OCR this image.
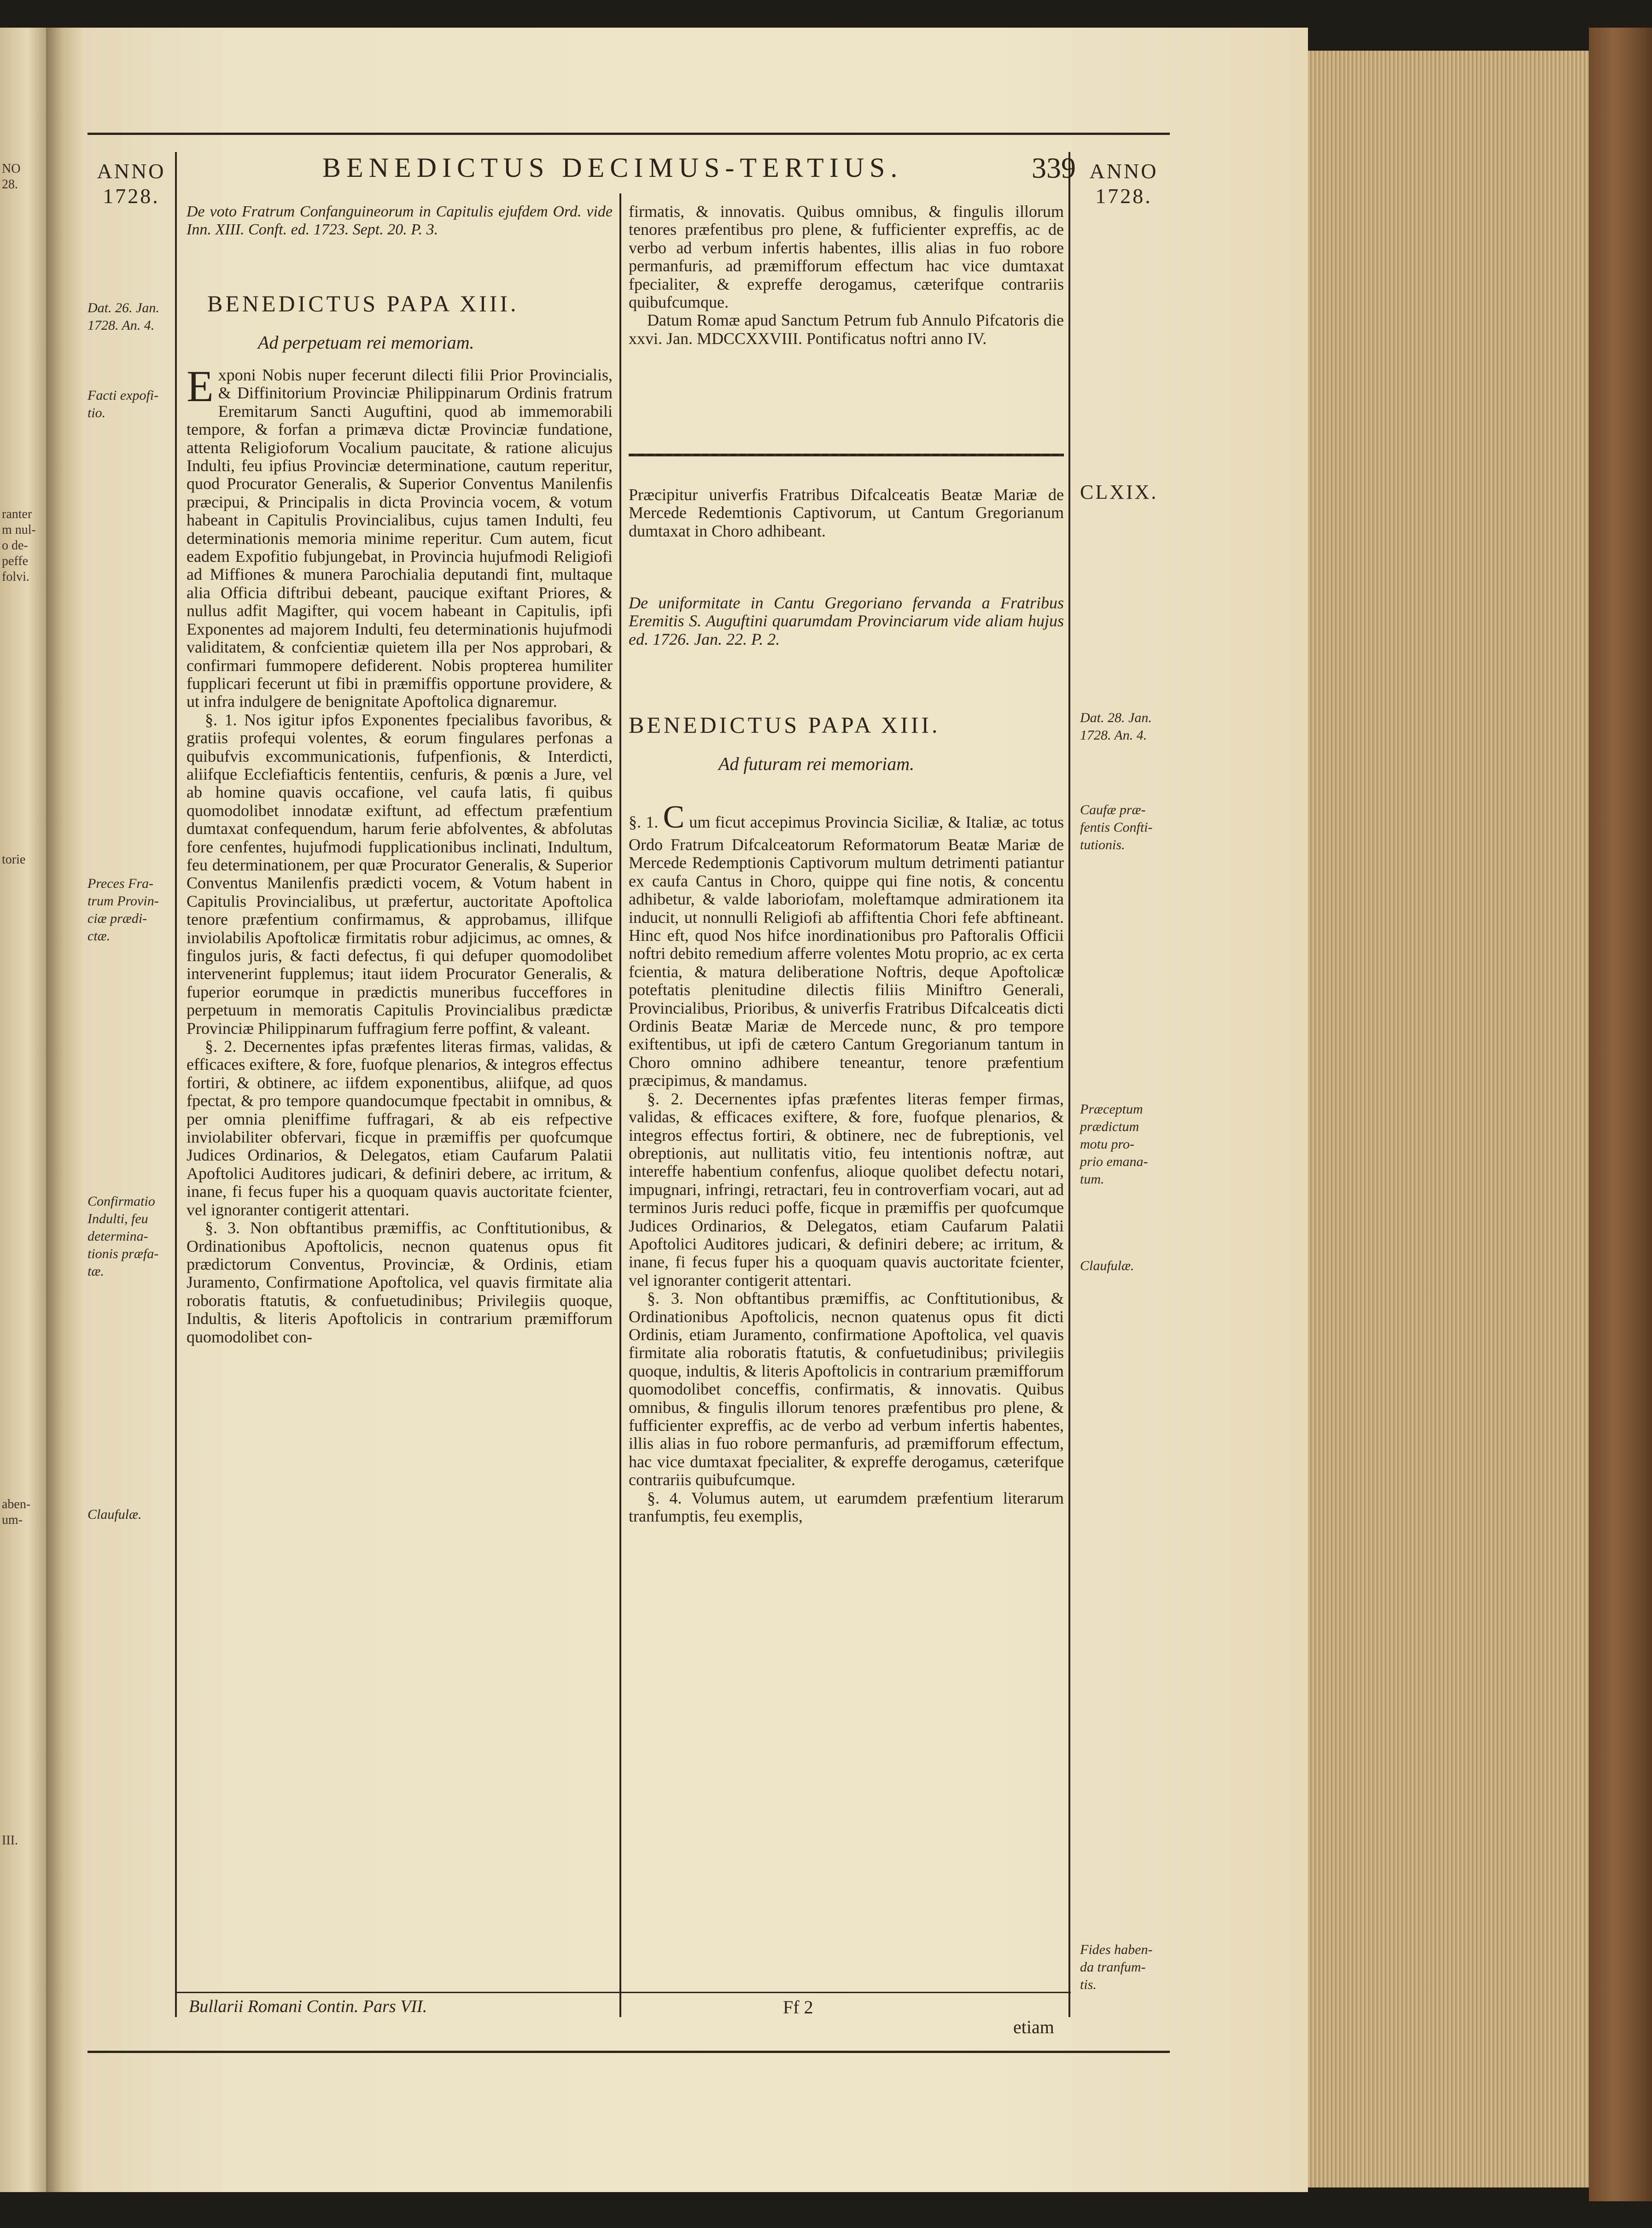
NO
28.
ranter
m nul-
o de-
peffe
folvi.
torie
aben-
um-
III.
ANNO
1728.
ANNO
1728.
BENEDICTUS DECIMUS-TERTIUS.	339
Dat. 26. Jan.
1728. An. 4.
Facti expofi-
tio.
Preces Fra-
trum Provin-
ciæ prædi-
ctæ.
Confirmatio
Indulti, feu
determina-
tionis præfa-
tæ.
Claufulæ.
CLXIX.
Dat. 28. Jan.
1728. An. 4.
Caufæ præ-
fentis Confti-
tutionis.
Præceptum
prædictum
motu pro-
prio emana-
tum.
Claufulæ.
Fides haben-
da tranfum-
tis.
De voto Fratrum Confanguineorum in Capitulis ejufdem Ord. vide Inn. XIII. Conft. ed. 1723. Sept. 20. P. 3.
BENEDICTUS PAPA XIII.
Ad perpetuam rei memoriam.

Exponi Nobis nuper fecerunt dilecti filii Prior Provincialis, & Diffinitorium Provinciæ Philippinarum Ordinis fratrum Eremitarum Sancti Auguftini, quod ab immemorabili tempore, & forfan a primæva dictæ Provinciæ fundatione, attenta Religioforum Vocalium paucitate, & ratione alicujus Indulti, feu ipfius Provinciæ determinatione, cautum reperitur, quod Procurator Generalis, & Superior Conventus Manilenfis præcipui, & Principalis in dicta Provincia vocem, & votum habeant in Capitulis Provincialibus, cujus tamen Indulti, feu determinationis memoria minime reperitur. Cum autem, ficut eadem Expofitio fubjungebat, in Provincia hujufmodi Religiofi ad Miffiones & munera Parochialia deputandi fint, multaque alia Officia diftribui debeant, paucique exiftant Priores, & nullus adfit Magifter, qui vocem habeant in Capitulis, ipfi Exponentes ad majorem Indulti, feu determinationis hujufmodi validitatem, & confcientiæ quietem illa per Nos approbari, & confirmari fummopere defiderent. Nobis propterea humiliter fupplicari fecerunt ut fibi in præmiffis opportune providere, & ut infra indulgere de benignitate Apoftolica dignaremur.

§. 1. Nos igitur ipfos Exponentes fpecialibus favoribus, & gratiis profequi volentes, & eorum fingulares perfonas a quibufvis excommunicationis, fufpenfionis, & Interdicti, aliifque Ecclefiafticis fententiis, cenfuris, & pœnis a Jure, vel ab homine quavis occafione, vel caufa latis, fi quibus quomodolibet innodatæ exiftunt, ad effectum præfentium dumtaxat confequendum, harum ferie abfolventes, & abfolutas fore cenfentes, hujufmodi fupplicationibus inclinati, Indultum, feu determinationem, per quæ Procurator Generalis, & Superior Conventus Manilenfis prædicti vocem, & Votum habent in Capitulis Provincialibus, ut præfertur, auctoritate Apoftolica tenore præfentium confirmamus, & approbamus, illifque inviolabilis Apoftolicæ firmitatis robur adjicimus, ac omnes, & fingulos juris, & facti defectus, fi qui defuper quomodolibet intervenerint fupplemus; itaut iidem Procurator Generalis, & fuperior eorumque in prædictis muneribus fucceffores in perpetuum in memoratis Capitulis Provincialibus prædictæ Provinciæ Philippinarum fuffragium ferre poffint, & valeant.

§. 2. Decernentes ipfas præfentes literas firmas, validas, & efficaces exiftere, & fore, fuofque plenarios, & integros effectus fortiri, & obtinere, ac iifdem exponentibus, aliifque, ad quos fpectat, & pro tempore quandocumque fpectabit in omnibus, & per omnia pleniffime fuffragari, & ab eis refpective inviolabiliter obfervari, ficque in præmiffis per quofcumque Judices Ordinarios, & Delegatos, etiam Caufarum Palatii Apoftolici Auditores judicari, & definiri debere, ac irritum, & inane, fi fecus fuper his a quoquam quavis auctoritate fcienter, vel ignoranter contigerit attentari.

§. 3. Non obftantibus præmiffis, ac Conftitutionibus, & Ordinationibus Apoftolicis, necnon quatenus opus fit prædictorum Conventus, Provinciæ, & Ordinis, etiam Juramento, Confirmatione Apoftolica, vel quavis firmitate alia roboratis ftatutis, & confuetudinibus; Privilegiis quoque, Indultis, & literis Apoftolicis in contrarium præmifforum quomodolibet con-

firmatis, & innovatis. Quibus omnibus, & fingulis illorum tenores præfentibus pro plene, & fufficienter expreffis, ac de verbo ad verbum infertis habentes, illis alias in fuo robore permanfuris, ad præmifforum effectum hac vice dumtaxat fpecialiter, & expreffe derogamus, cæterifque contrariis quibufcumque.

Datum Romæ apud Sanctum Petrum fub Annulo Pifcatoris die xxvi. Jan. MDCCXXVIII. Pontificatus noftri anno IV.

Præcipitur univerfis Fratribus Difcalceatis Beatæ Mariæ de Mercede Redemtionis Captivorum, ut Cantum Gregorianum dumtaxat in Choro adhibeant.
De uniformitate in Cantu Gregoriano fervanda a Fratribus Eremitis S. Auguftini quarumdam Provinciarum vide aliam hujus ed. 1726. Jan. 22. P. 2.
BENEDICTUS PAPA XIII.
Ad futuram rei memoriam.

§. 1. C um ficut accepimus Provincia Siciliæ, & Italiæ, ac totus Ordo Fratrum Difcalceatorum Reformatorum Beatæ Mariæ de Mercede Redemptionis Captivorum multum detrimenti patiantur ex caufa Cantus in Choro, quippe qui fine notis, & concentu adhibetur, & valde laboriofam, moleftamque admirationem ita inducit, ut nonnulli Religiofi ab affiftentia Chori fefe abftineant. Hinc eft, quod Nos hifce inordinationibus pro Paftoralis Officii noftri debito remedium afferre volentes Motu proprio, ac ex certa fcientia, & matura deliberatione Noftris, deque Apoftolicæ poteftatis plenitudine dilectis filiis Miniftro Generali, Provincialibus, Prioribus, & univerfis Fratribus Difcalceatis dicti Ordinis Beatæ Mariæ de Mercede nunc, & pro tempore exiftentibus, ut ipfi de cætero Cantum Gregorianum tantum in Choro omnino adhibere teneantur, tenore præfentium præcipimus, & mandamus.

§. 2. Decernentes ipfas præfentes literas femper firmas, validas, & efficaces exiftere, & fore, fuofque plenarios, & integros effectus fortiri, & obtinere, nec de fubreptionis, vel obreptionis, aut nullitatis vitio, feu intentionis noftræ, aut intereffe habentium confenfus, alioque quolibet defectu notari, impugnari, infringi, retractari, feu in controverfiam vocari, aut ad terminos Juris reduci poffe, ficque in præmiffis per quofcumque Judices Ordinarios, & Delegatos, etiam Caufarum Palatii Apoftolici Auditores judicari, & definiri debere; ac irritum, & inane, fi fecus fuper his a quoquam quavis auctoritate fcienter, vel ignoranter contigerit attentari.

§. 3. Non obftantibus præmiffis, ac Conftitutionibus, & Ordinationibus Apoftolicis, necnon quatenus opus fit dicti Ordinis, etiam Juramento, confirmatione Apoftolica, vel quavis firmitate alia roboratis ftatutis, & confuetudinibus; privilegiis quoque, indultis, & literis Apoftolicis in contrarium præmifforum quomodolibet conceffis, confirmatis, & innovatis. Quibus omnibus, & fingulis illorum tenores præfentibus pro plene, & fufficienter expreffis, ac de verbo ad verbum infertis habentes, illis alias in fuo robore permanfuris, ad præmifforum effectum, hac vice dumtaxat fpecialiter, & expreffe derogamus, cæterifque contrariis quibufcumque.

§. 4. Volumus autem, ut earumdem præfentium literarum tranfumptis, feu exemplis,

Bullarii Romani Contin. Pars VII.	Ff 2
etiam
